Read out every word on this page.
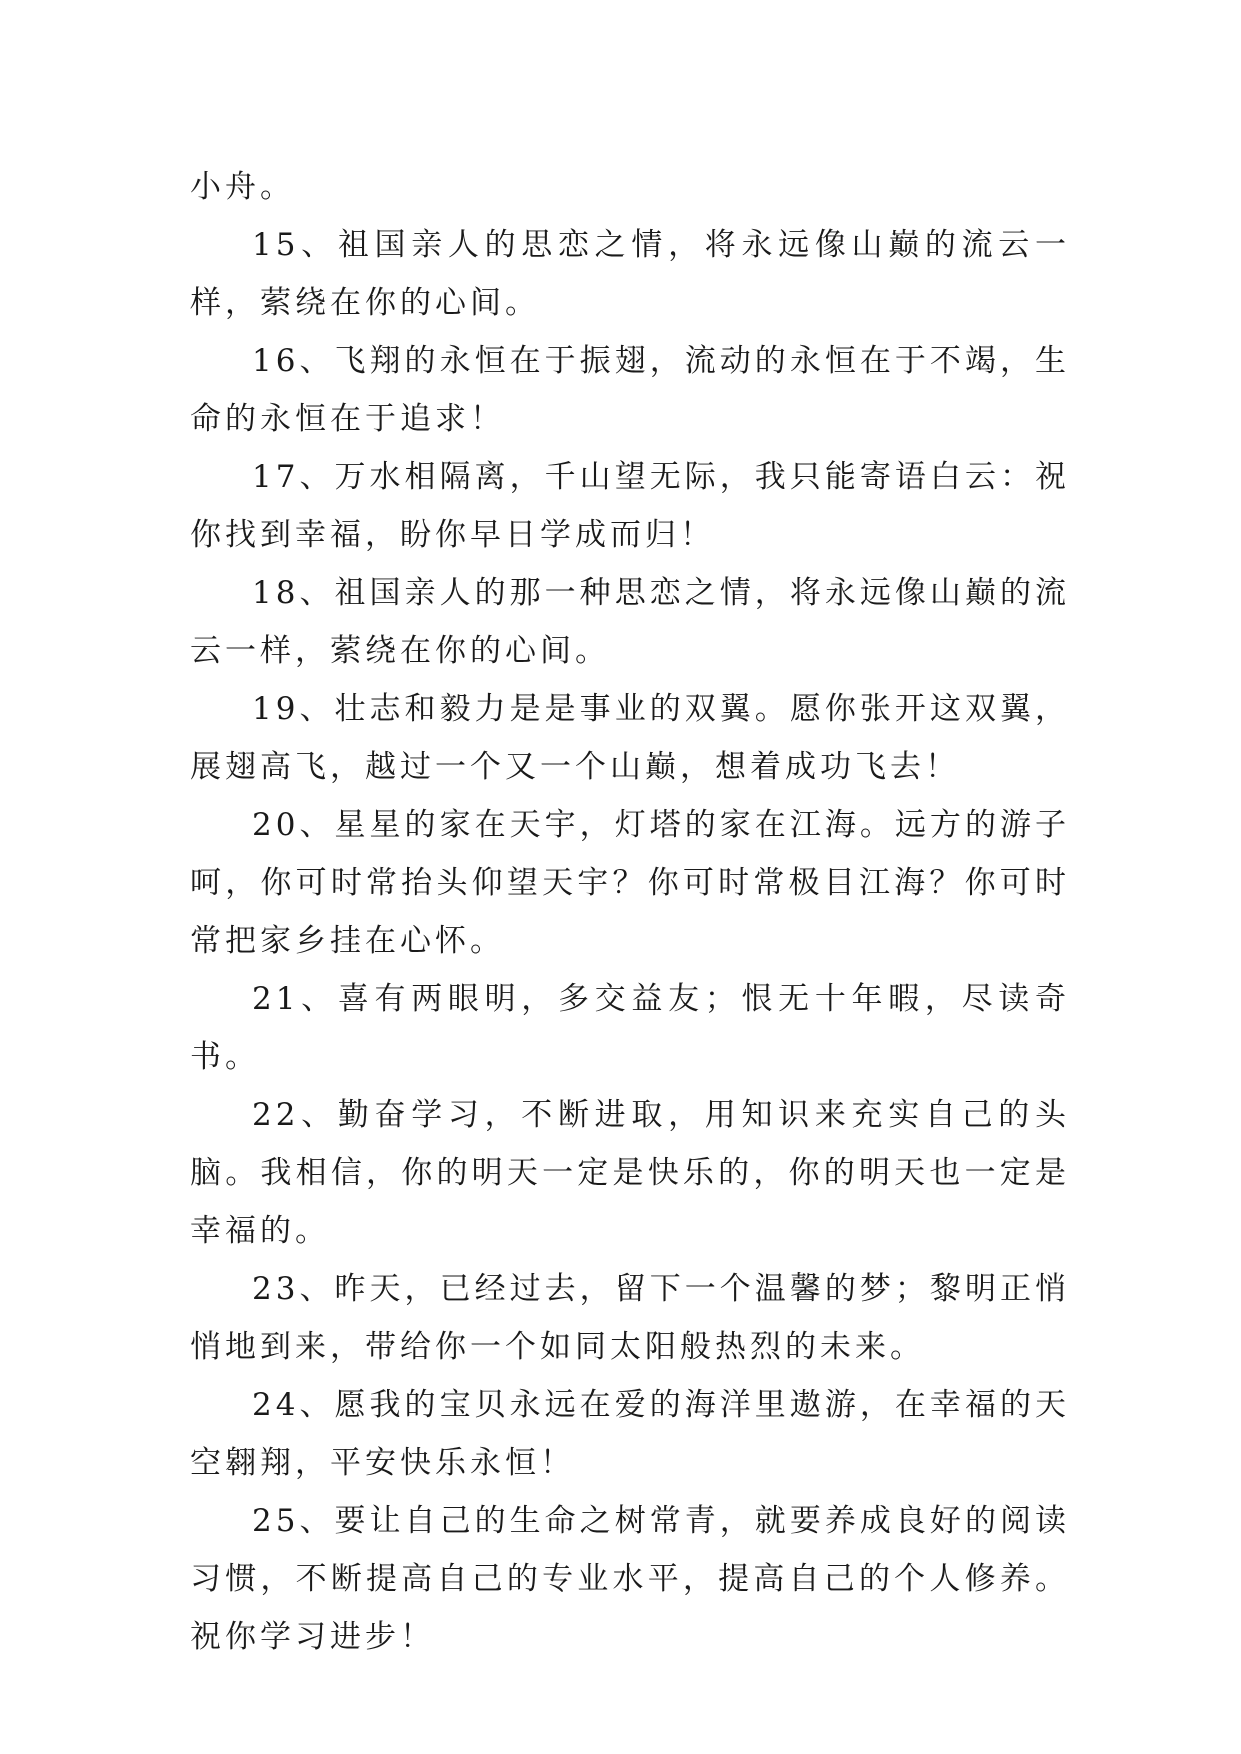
小舟。

15、祖国亲人的思恋之情，将永远像山巅的流云一样，萦绕在你的心间。

16、飞翔的永恒在于振翅，流动的永恒在于不竭，生命的永恒在于追求！

17、万水相隔离，千山望无际，我只能寄语白云：祝你找到幸福，盼你早日学成而归！

18、祖国亲人的那一种思恋之情，将永远像山巅的流云一样，萦绕在你的心间。

19、壮志和毅力是是事业的双翼。愿你张开这双翼，展翅高飞，越过一个又一个山巅，想着成功飞去！

20、星星的家在天宇，灯塔的家在江海。远方的游子呵，你可时常抬头仰望天宇？你可时常极目江海？你可时常把家乡挂在心怀。

21、喜有两眼明，多交益友；恨无十年暇，尽读奇书。

22、勤奋学习，不断进取，用知识来充实自己的头脑。我相信，你的明天一定是快乐的，你的明天也一定是幸福的。

23、昨天，已经过去，留下一个温馨的梦；黎明正悄悄地到来，带给你一个如同太阳般热烈的未来。

24、愿我的宝贝永远在爱的海洋里遨游，在幸福的天空翱翔，平安快乐永恒！

25、要让自己的生命之树常青，就要养成良好的阅读习惯，不断提高自己的专业水平，提高自己的个人修养。祝你学习进步！
